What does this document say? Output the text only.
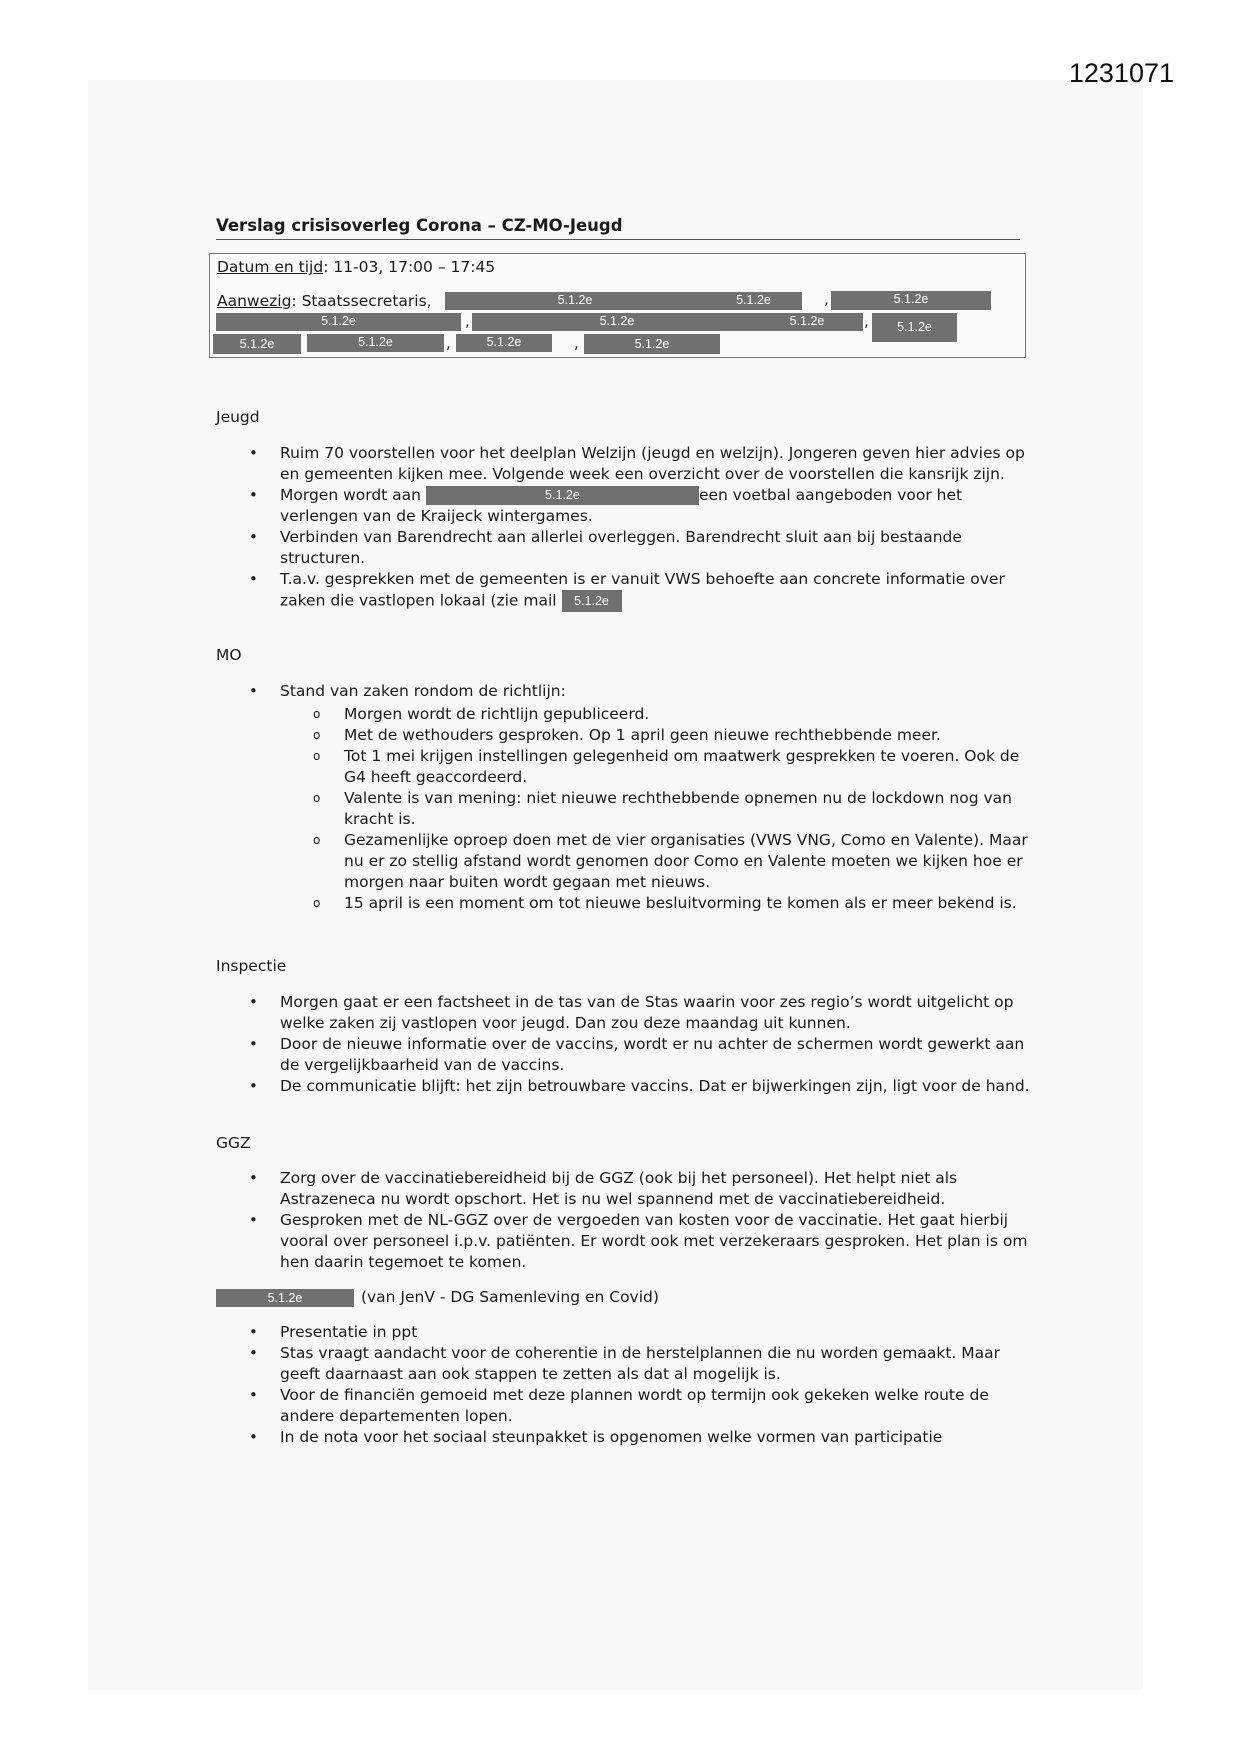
1231071
Verslag crisisoverleg Corona – CZ-MO-Jeugd
Datum en tijd: 11-03, 17:00 – 17:45
Aanwezig: Staatssecretaris,	5.1.2e	5.1.2e	,	5.1.2e
5.1.2e	,	5.1.2e	5.1.2e	,	5.1.2e
5.1.2e	5.1.2e	,	5.1.2e	,	5.1.2e
Jeugd
• Ruim 70 voorstellen voor het deelplan Welzijn (jeugd en welzijn). Jongeren geven hier advies op en gemeenten kijken mee. Volgende week een overzicht over de voorstellen die kansrijk zijn.
• Morgen wordt aan	5.1.2e	een voetbal aangeboden voor het verlengen van de Kraijeck wintergames.
• Verbinden van Barendrecht aan allerlei overleggen. Barendrecht sluit aan bij bestaande structuren.
• T.a.v. gesprekken met de gemeenten is er vanuit VWS behoefte aan concrete informatie over zaken die vastlopen lokaal (zie mail 5.1.2e
MO
• Stand van zaken rondom de richtlijn:
o Morgen wordt de richtlijn gepubliceerd.
o Met de wethouders gesproken. Op 1 april geen nieuwe rechthebbende meer.
o Tot 1 mei krijgen instellingen gelegenheid om maatwerk gesprekken te voeren. Ook de G4 heeft geaccordeerd.
o Valente is van mening: niet nieuwe rechthebbende opnemen nu de lockdown nog van kracht is.
o Gezamenlijke oproep doen met de vier organisaties (VWS VNG, Como en Valente). Maar nu er zo stellig afstand wordt genomen door Como en Valente moeten we kijken hoe er morgen naar buiten wordt gegaan met nieuws.
o 15 april is een moment om tot nieuwe besluitvorming te komen als er meer bekend is.
Inspectie
• Morgen gaat er een factsheet in de tas van de Stas waarin voor zes regio’s wordt uitgelicht op welke zaken zij vastlopen voor jeugd. Dan zou deze maandag uit kunnen.
• Door de nieuwe informatie over de vaccins, wordt er nu achter de schermen wordt gewerkt aan de vergelijkbaarheid van de vaccins.
• De communicatie blijft: het zijn betrouwbare vaccins. Dat er bijwerkingen zijn, ligt voor de hand.
GGZ
• Zorg over de vaccinatiebereidheid bij de GGZ (ook bij het personeel). Het helpt niet als Astrazeneca nu wordt opschort. Het is nu wel spannend met de vaccinatiebereidheid.
• Gesproken met de NL-GGZ over de vergoeden van kosten voor de vaccinatie. Het gaat hierbij vooral over personeel i.p.v. patiënten. Er wordt ook met verzekeraars gesproken. Het plan is om hen daarin tegemoet te komen.
5.1.2e	(van JenV - DG Samenleving en Covid)
• Presentatie in ppt
• Stas vraagt aandacht voor de coherentie in de herstelplannen die nu worden gemaakt. Maar geeft daarnaast aan ook stappen te zetten als dat al mogelijk is.
• Voor de financiën gemoeid met deze plannen wordt op termijn ook gekeken welke route de andere departementen lopen.
• In de nota voor het sociaal steunpakket is opgenomen welke vormen van participatie
